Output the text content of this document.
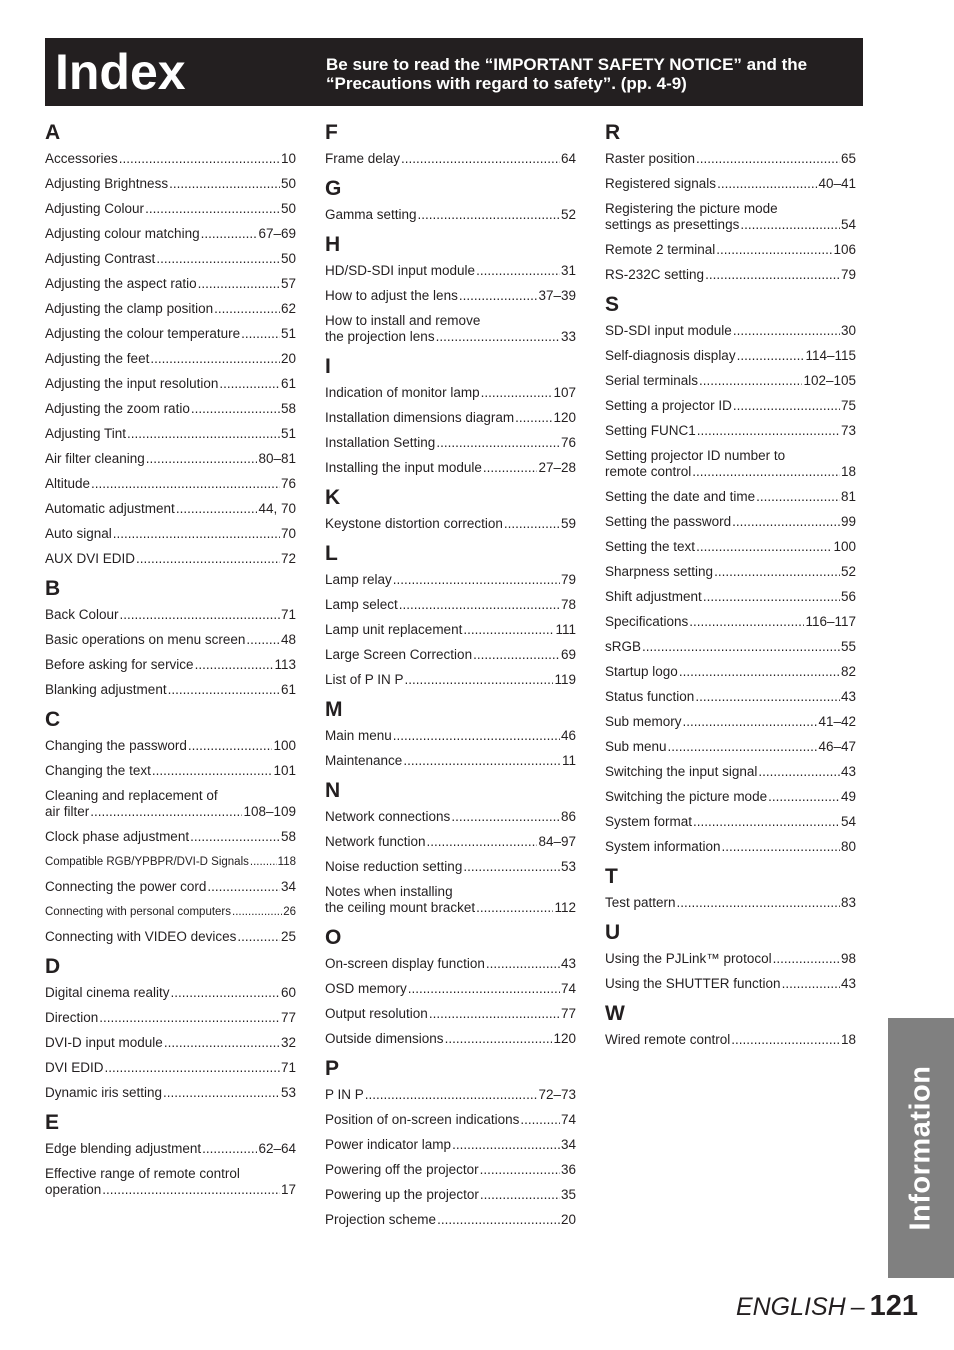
Index	Be sure to read the “IMPORTANT SAFETY NOTICE” and the “Precautions with regard to safety”. (pp. 4-9)
A
Accessories .....	10
Adjusting Brightness .....	50
Adjusting Colour .....	50
Adjusting colour matching .....	67–69
Adjusting Contrast .....	50
Adjusting the aspect ratio .....	57
Adjusting the clamp position .....	62
Adjusting the colour temperature .....	51
Adjusting the feet .....	20
Adjusting the input resolution .....	61
Adjusting the zoom ratio .....	58
Adjusting Tint .....	51
Air filter cleaning .....	80–81
Altitude .....	76
Automatic adjustment .....	44, 70
Auto signal .....	70
AUX DVI EDID .....	72
B
Back Colour .....	71
Basic operations on menu screen .....	48
Before asking for service .....	113
Blanking adjustment .....	61
C
Changing the password .....	100
Changing the text .....	101
Cleaning and replacement of
air filter .....	108–109
Clock phase adjustment .....	58
Compatible RGB/YPBPR/DVI-D Signals .....	118
Connecting the power cord .....	34
Connecting with personal computers .....	26
Connecting with VIDEO devices .....	25
D
Digital cinema reality .....	60
Direction .....	77
DVI-D input module .....	32
DVI EDID .....	71
Dynamic iris setting .....	53
E
Edge blending adjustment .....	62–64
Effective range of remote control
operation .....	17
F
Frame delay .....	64
G
Gamma setting .....	52
H
HD/SD-SDI input module .....	31
How to adjust the lens .....	37–39
How to install and remove
the projection lens .....	33
I
Indication of monitor lamp .....	107
Installation dimensions diagram .....	120
Installation Setting .....	76
Installing the input module .....	27–28
K
Keystone distortion correction .....	59
L
Lamp relay .....	79
Lamp select .....	78
Lamp unit replacement .....	111
Large Screen Correction .....	69
List of P IN P .....	119
M
Main menu .....	46
Maintenance .....	11
N
Network connections .....	86
Network function .....	84–97
Noise reduction setting .....	53
Notes when installing
the ceiling mount bracket .....	112
O
On-screen display function .....	43
OSD memory .....	74
Output resolution .....	77
Outside dimensions .....	120
P
P IN P .....	72–73
Position of on-screen indications .....	74
Power indicator lamp .....	34
Powering off the projector .....	36
Powering up the projector .....	35
Projection scheme .....	20
R
Raster position .....	65
Registered signals .....	40–41
Registering the picture mode
settings as presettings .....	54
Remote 2 terminal .....	106
RS-232C setting .....	79
S
SD-SDI input module .....	30
Self-diagnosis display .....	114–115
Serial terminals .....	102–105
Setting a projector ID .....	75
Setting FUNC1 .....	73
Setting projector ID number to
remote control .....	18
Setting the date and time .....	81
Setting the password .....	99
Setting the text .....	100
Sharpness setting .....	52
Shift adjustment .....	56
Specifications .....	116–117
sRGB .....	55
Startup logo .....	82
Status function .....	43
Sub memory .....	41–42
Sub menu .....	46–47
Switching the input signal .....	43
Switching the picture mode .....	49
System format .....	54
System information .....	80
T
Test pattern .....	83
U
Using the PJLink™ protocol .....	98
Using the SHUTTER function .....	43
W
Wired remote control .....	18
Information
ENGLISH – 121
